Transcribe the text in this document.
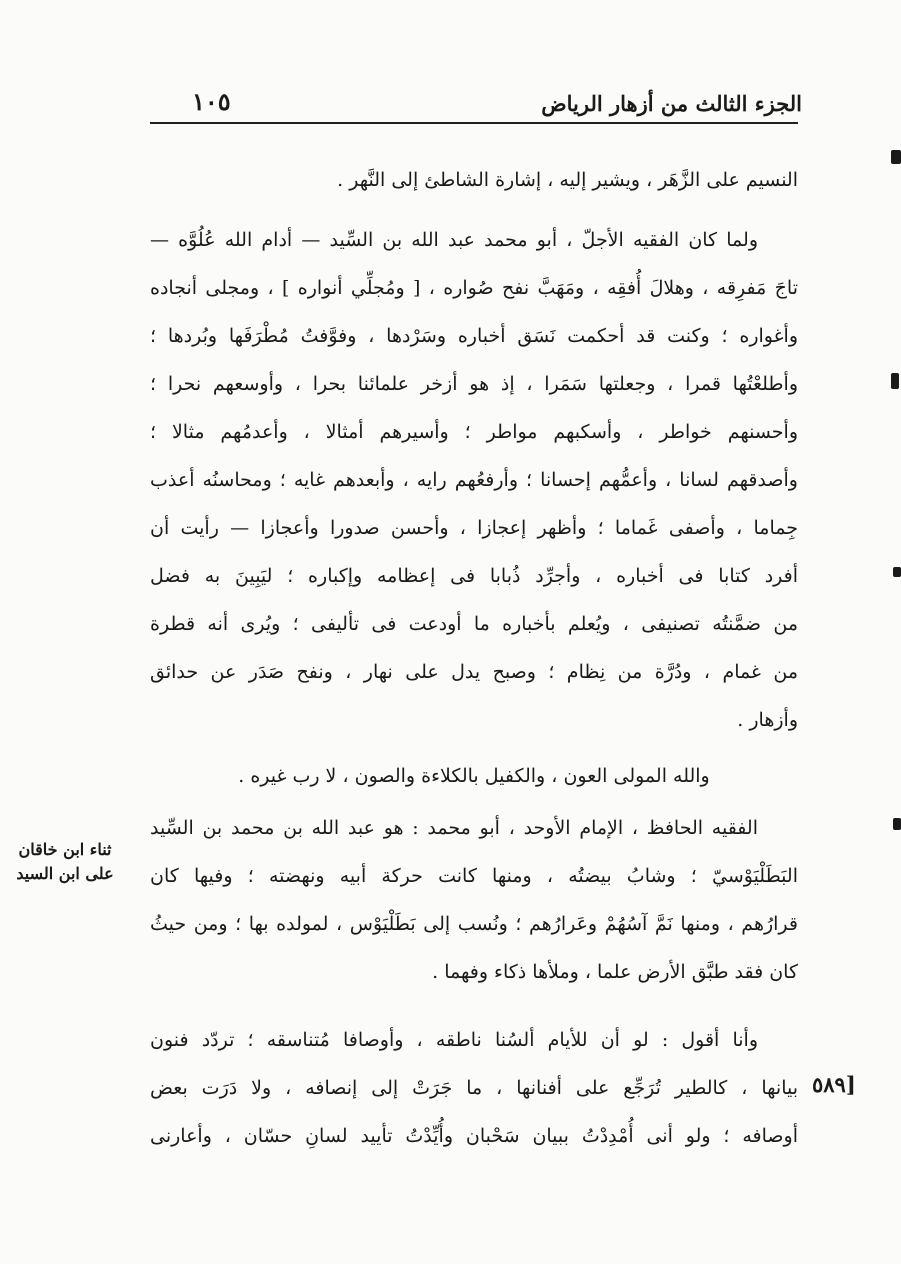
الجزء الثالث من أزهار الرياض
١٠٥
ثناء ابن خاقان
على ابن السيد
[٥٨٩
النسيم على الزَّهَر ، ويشير إليه ، إشارة الشاطئ إلى النَّهر .
ولما كان الفقيه الأجلّ ، أبو محمد عبد الله بن السِّيد — أدام الله عُلُوَّه —
تاجَ مَفرِقه ، وهلالَ أُفقِه ، ومَهَبَّ نفح صُواره ، [ ومُجلِّي أنواره ] ، ومجلى أنجاده
وأغواره ؛ وكنت قد أحكمت نَسَق أخباره وسَرْدها ، وفوَّفتُ مُطْرَفَها وبُردها ؛
وأطلعْتُها قمرا ، وجعلتها سَمَرا ، إذ هو أزخر علمائنا بحرا ، وأوسعهم نحرا ؛
وأحسنهم خواطر ، وأسكبهم مواطر ؛ وأسيرهم أمثالا ، وأعدمُهم مثالا ؛
وأصدقهم لسانا ، وأعمُّهم إحسانا ؛ وأرفعُهم رايه ، وأبعدهم غايه ؛ ومحاسنُه أعذب
جِماما ، وأصفى غَماما ؛ وأظهر إعجازا ، وأحسن صدورا وأعجازا — رأيت أن
أفرد كتابا فى أخباره ، وأجرِّد ذُبابا فى إعظامه وإكباره ؛ ليَبِينَ به فضل
من ضمَّنتُه تصنيفى ، ويُعلم بأخباره ما أودعت فى تأليفى ؛ ويُرى أنه قطرة
من غمام ، ودُرَّة من نِظام ؛ وصبح يدل على نهار ، ونفح صَدَر عن حدائق
وأزهار .
والله المولى العون ، والكفيل بالكلاءة والصون ، لا رب غيره .
الفقيه الحافظ ، الإمام الأوحد ، أبو محمد : هو عبد الله بن محمد بن السِّيد
البَطَلْيَوْسيّ ؛ وشابُ بيضتُه ، ومنها كانت حركة أبيه ونهضته ؛ وفيها كان
قرارُهم ، ومنها نَمَّ آسُهُمْ وعَرارُهم ؛ ونُسب إلى بَطَلْيَوْس ، لمولده بها ؛ ومن حيثُ
كان فقد طبَّق الأرض علما ، وملأها ذكاء وفهما .
وأنا أقول : لو أن للأيام ألسُنا ناطقه ، وأوصافا مُتناسقه ؛ تردّد فنون
بيانها ، كالطير تُرَجِّع على أفنانها ، ما جَرَتْ إلى إنصافه ، ولا دَرَت بعض
أوصافه ؛ ولو أنى أُمْدِدْتُ ببيان سَحْبان وأُيِّدْتُ تأييد لسانِ حسّان ، وأعارنى
